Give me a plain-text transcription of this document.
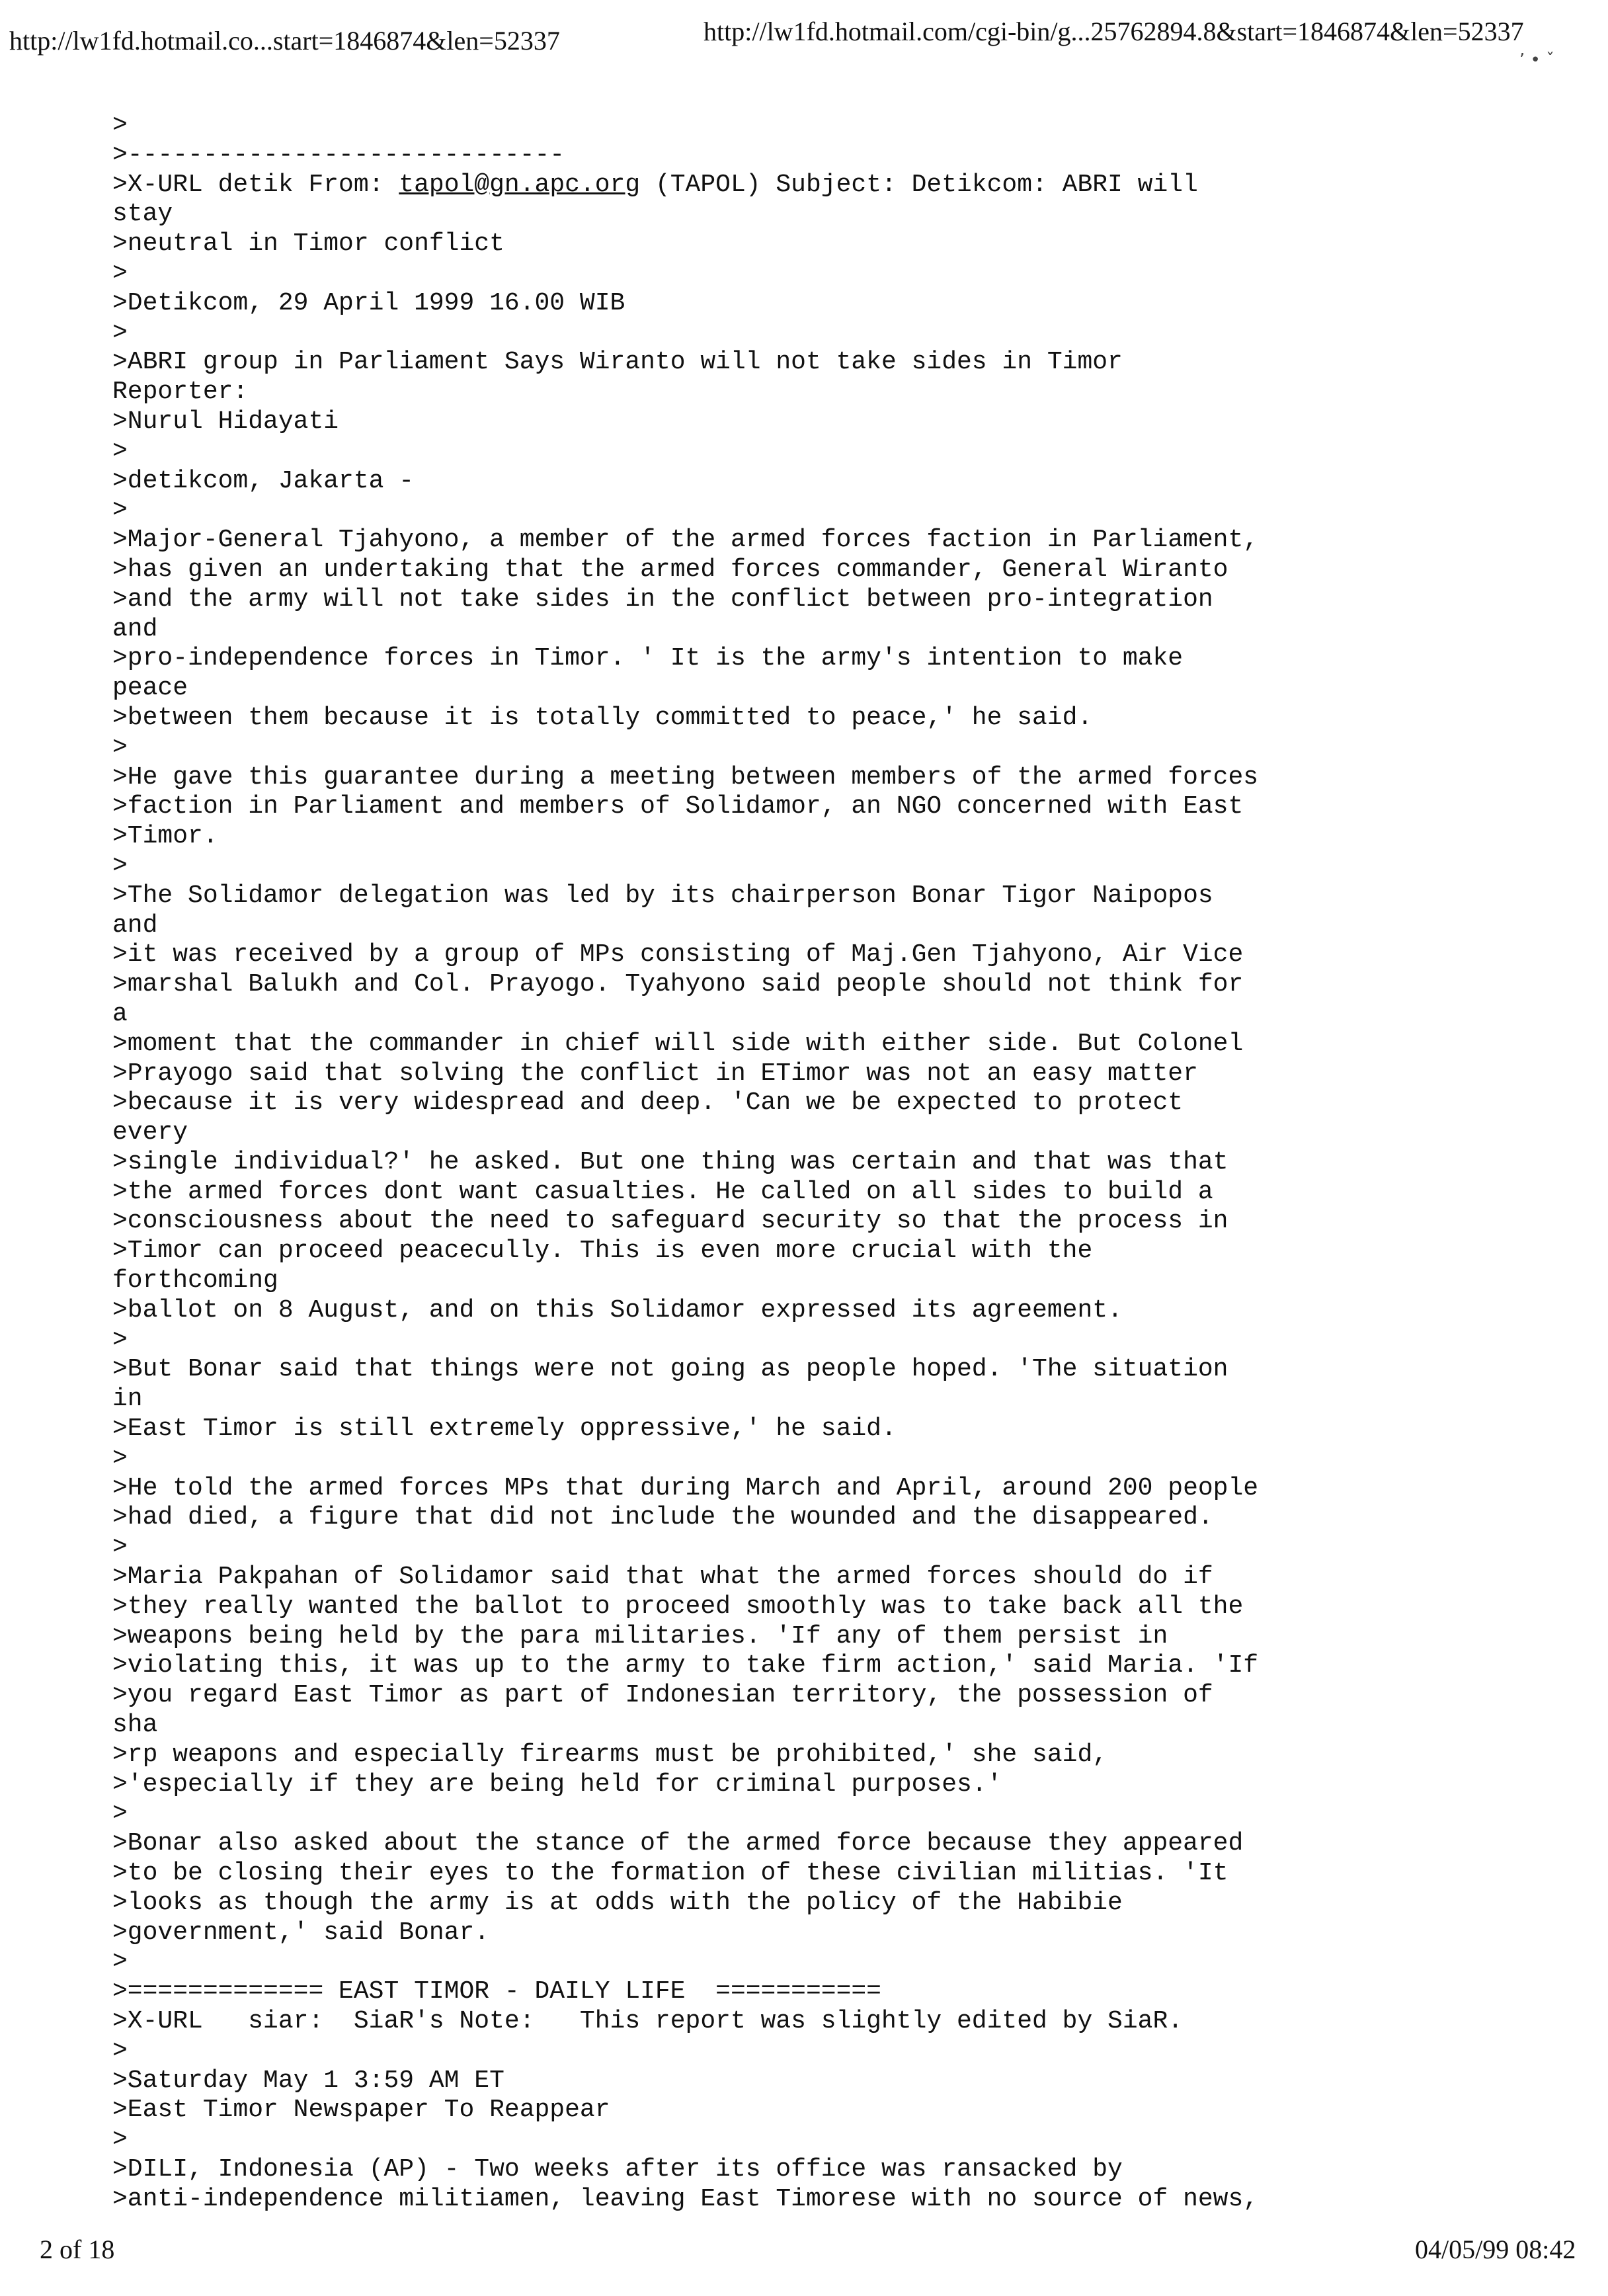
http://lw1fd.hotmail.co...start=1846874&len=52337	http://lw1fd.hotmail.com/cgi-bin/g...25762894.8&start=1846874&len=52337
’ • ˇ
>
>-----------------------------
>X-URL detik From: tapol@gn.apc.org (TAPOL) Subject: Detikcom: ABRI will
stay
>neutral in Timor conflict
>
>Detikcom, 29 April 1999 16.00 WIB
>
>ABRI group in Parliament Says Wiranto will not take sides in Timor
Reporter:
>Nurul Hidayati
>
>detikcom, Jakarta -
>
>Major-General Tjahyono, a member of the armed forces faction in Parliament,
>has given an undertaking that the armed forces commander, General Wiranto
>and the army will not take sides in the conflict between pro-integration
and
>pro-independence forces in Timor. ' It is the army's intention to make
peace
>between them because it is totally committed to peace,' he said.
>
>He gave this guarantee during a meeting between members of the armed forces
>faction in Parliament and members of Solidamor, an NGO concerned with East
>Timor.
>
>The Solidamor delegation was led by its chairperson Bonar Tigor Naipopos
and
>it was received by a group of MPs consisting of Maj.Gen Tjahyono, Air Vice
>marshal Balukh and Col. Prayogo. Tyahyono said people should not think for
a
>moment that the commander in chief will side with either side. But Colonel
>Prayogo said that solving the conflict in ETimor was not an easy matter
>because it is very widespread and deep. 'Can we be expected to protect
every
>single individual?' he asked. But one thing was certain and that was that
>the armed forces dont want casualties. He called on all sides to build a
>consciousness about the need to safeguard security so that the process in
>Timor can proceed peacecully. This is even more crucial with the
forthcoming
>ballot on 8 August, and on this Solidamor expressed its agreement.
>
>But Bonar said that things were not going as people hoped. 'The situation
in
>East Timor is still extremely oppressive,' he said.
>
>He told the armed forces MPs that during March and April, around 200 people
>had died, a figure that did not include the wounded and the disappeared.
>
>Maria Pakpahan of Solidamor said that what the armed forces should do if
>they really wanted the ballot to proceed smoothly was to take back all the
>weapons being held by the para militaries. 'If any of them persist in
>violating this, it was up to the army to take firm action,' said Maria. 'If
>you regard East Timor as part of Indonesian territory, the possession of
sha
>rp weapons and especially firearms must be prohibited,' she said,
>'especially if they are being held for criminal purposes.'
>
>Bonar also asked about the stance of the armed force because they appeared
>to be closing their eyes to the formation of these civilian militias. 'It
>looks as though the army is at odds with the policy of the Habibie
>government,' said Bonar.
>
>============= EAST TIMOR - DAILY LIFE  ===========
>X-URL   siar:  SiaR's Note:   This report was slightly edited by SiaR.
>
>Saturday May 1 3:59 AM ET
>East Timor Newspaper To Reappear
>
>DILI, Indonesia (AP) - Two weeks after its office was ransacked by
>anti-independence militiamen, leaving East Timorese with no source of news,
2 of 18	04/05/99 08:42
